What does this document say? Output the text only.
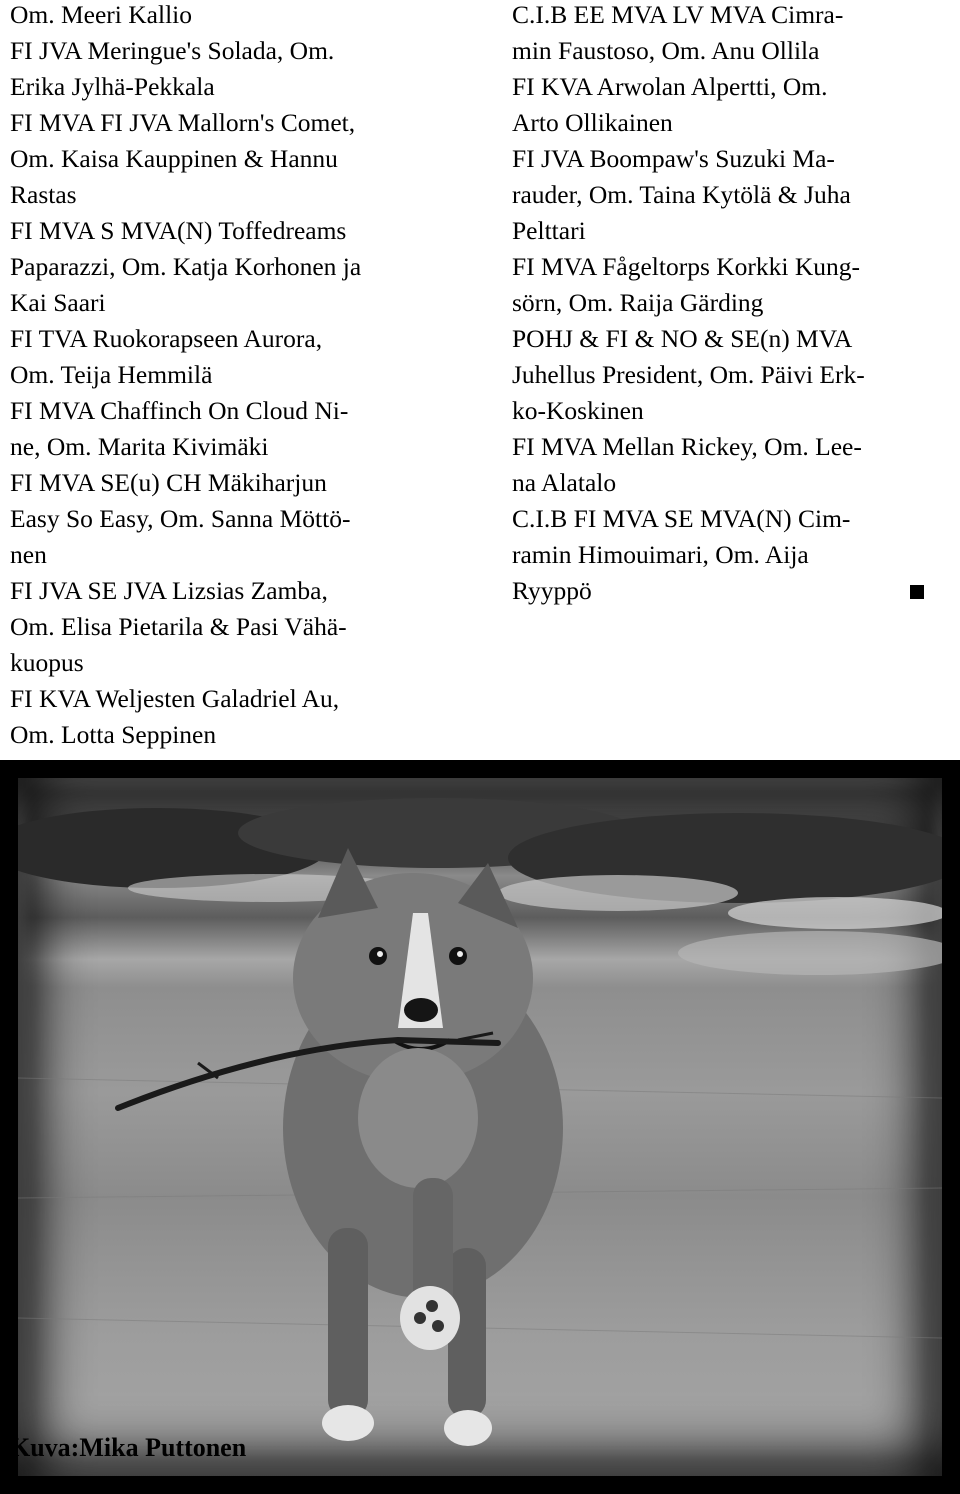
Om. Meeri Kallio
FI JVA Meringue's Solada, Om.
Erika Jylhä-Pekkala
FI MVA FI JVA Mallorn's Comet,
Om. Kaisa Kauppinen & Hannu
Rastas
FI MVA S MVA(N) Toffedreams
Paparazzi, Om. Katja Korhonen ja
Kai Saari
FI TVA Ruokorapseen Aurora,
Om. Teija Hemmilä
FI MVA Chaffinch On Cloud Ni-
ne, Om. Marita Kivimäki
FI MVA SE(u) CH Mäkiharjun
Easy So Easy, Om. Sanna Möttö-
nen
FI JVA SE JVA Lizsias Zamba,
Om. Elisa Pietarila & Pasi Vähä-
kuopus
FI KVA Weljesten Galadriel Au,
Om. Lotta Seppinen
C.I.B EE MVA LV MVA Cimra-
min Faustoso, Om. Anu Ollila
FI KVA Arwolan Alpertti, Om.
Arto Ollikainen
FI JVA Boompaw's Suzuki Ma-
rauder, Om. Taina Kytölä & Juha
Pelttari
FI MVA Fågeltorps Korkki Kung-
sörn, Om. Raija Gärding
POHJ & FI & NO & SE(n) MVA
Juhellus President, Om. Päivi Erk-
ko-Koskinen
FI MVA Mellan Rickey, Om. Lee-
na Alatalo
C.I.B FI MVA SE MVA(N) Cim-
ramin Himouimari, Om. Aija
Ryyppö
Kuva:Mika Puttonen
